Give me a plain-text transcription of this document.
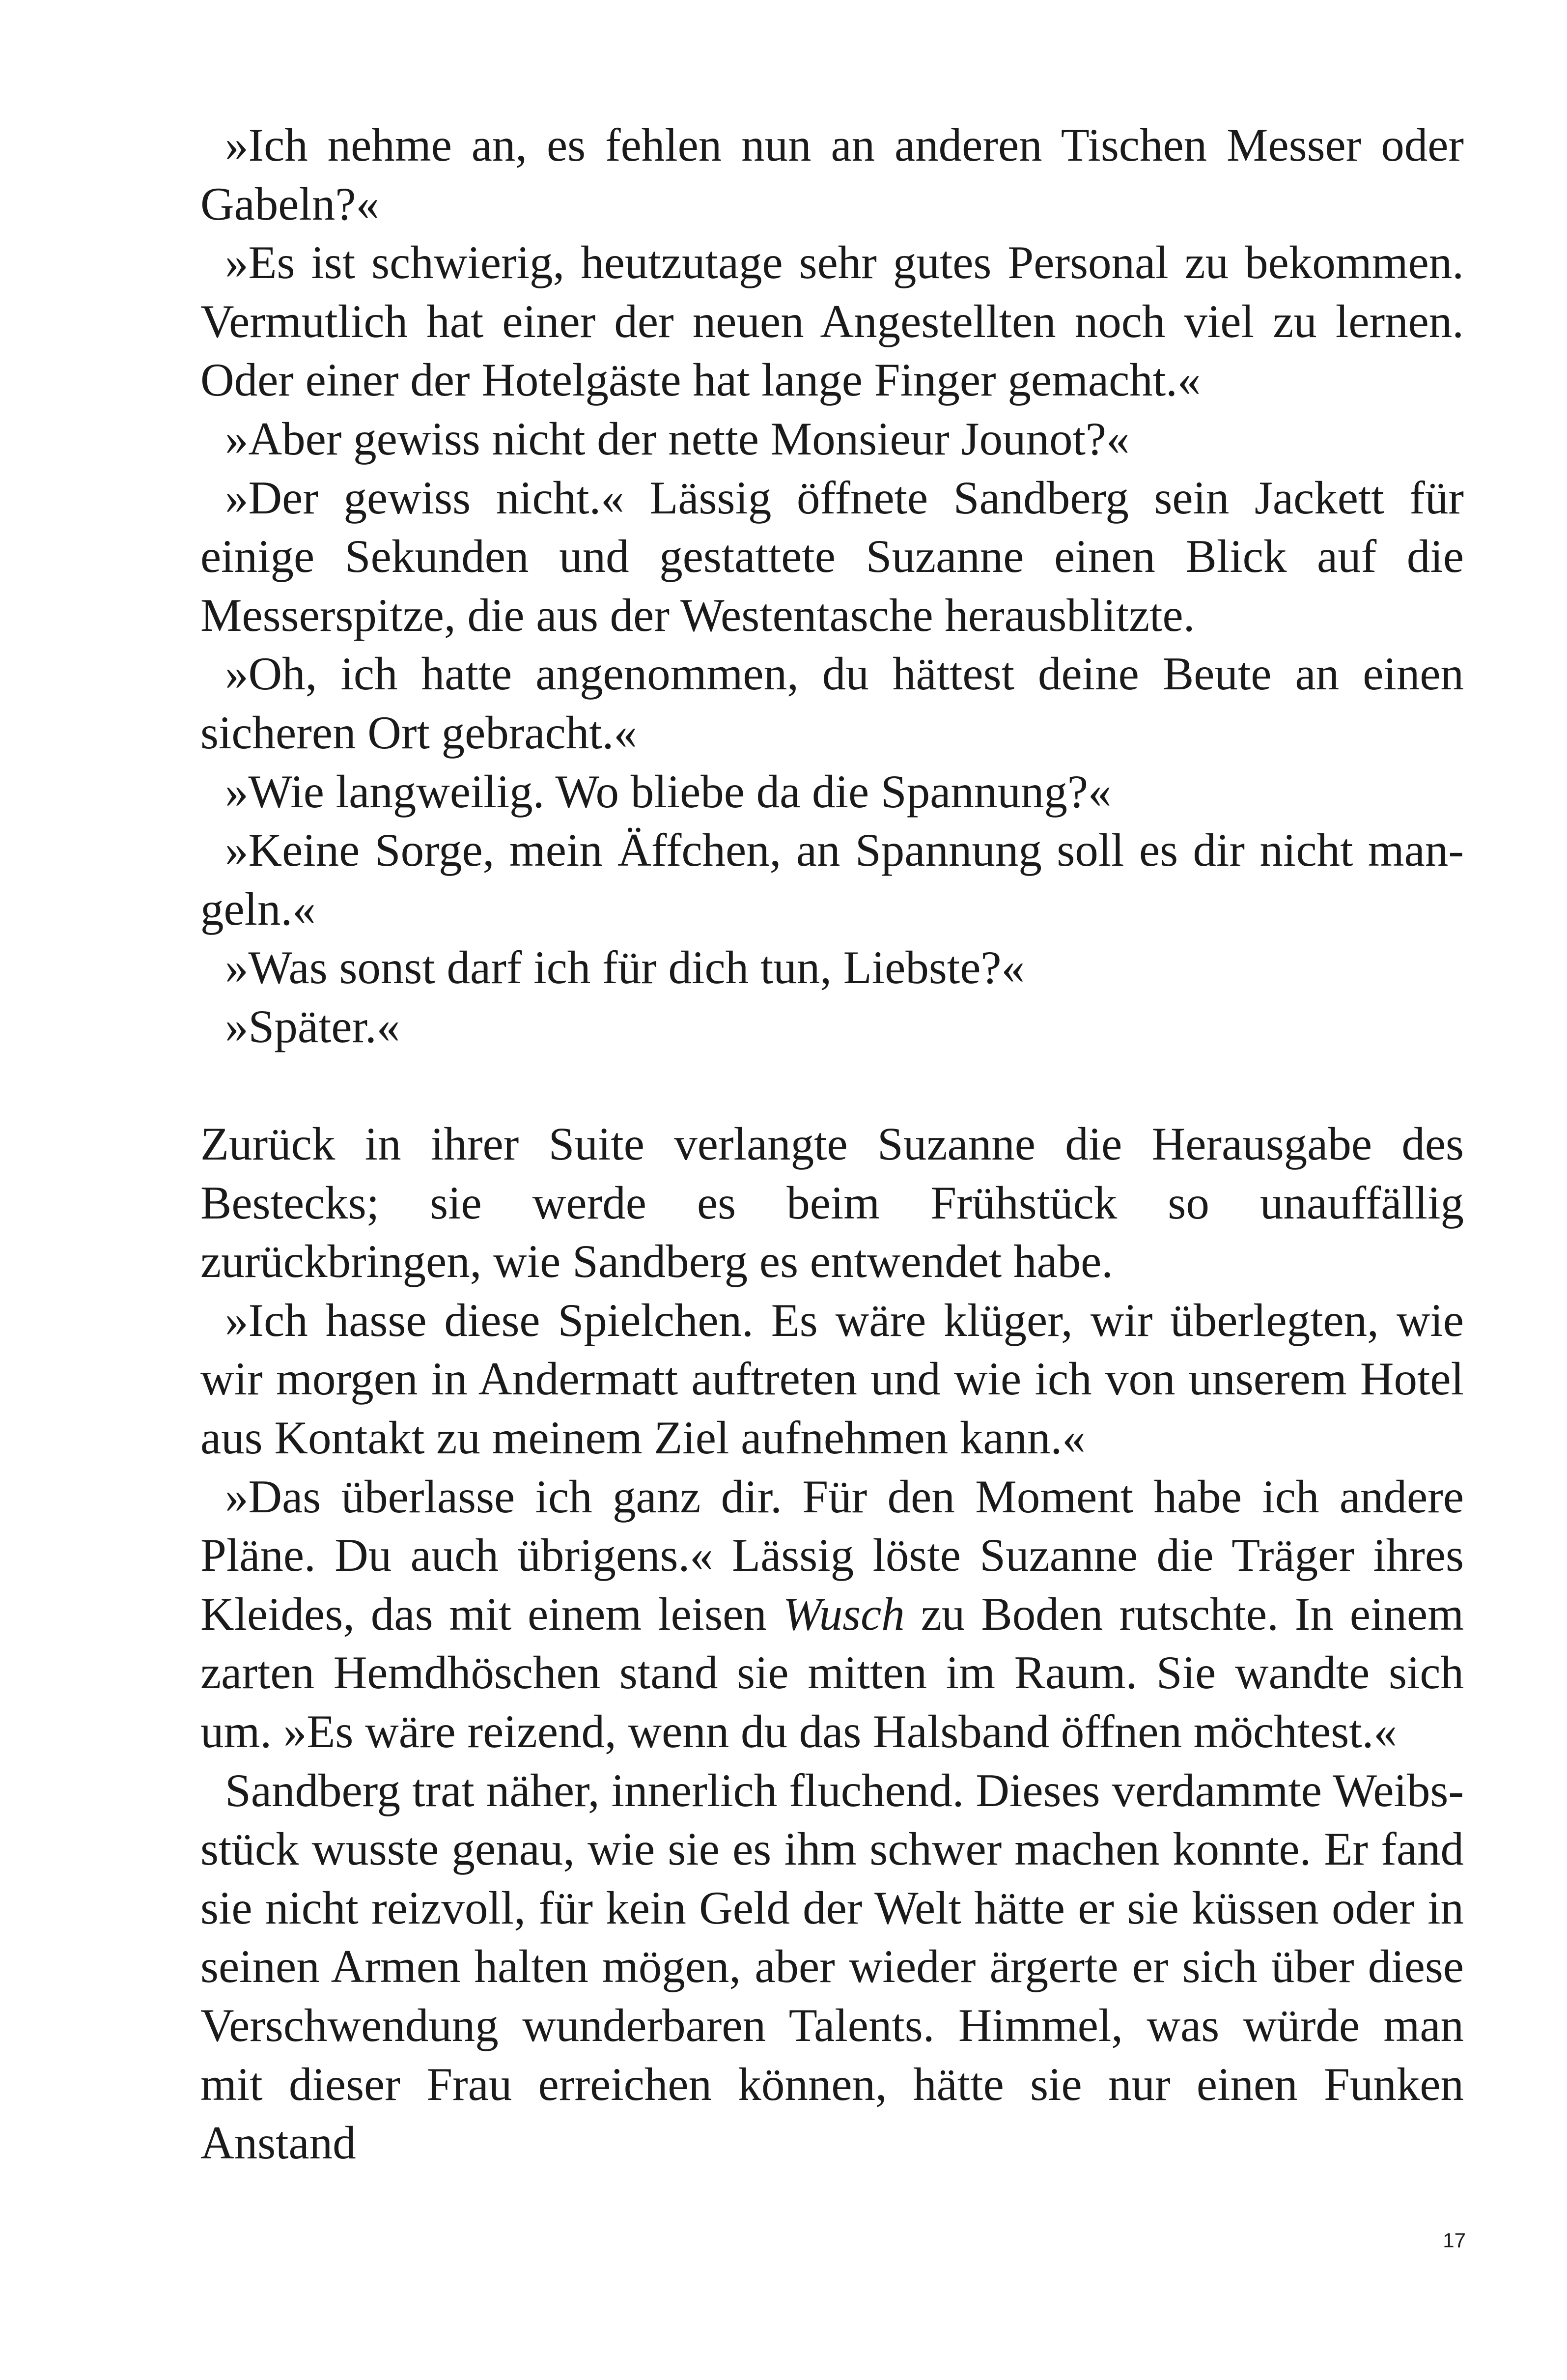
»Ich nehme an, es fehlen nun an anderen Tischen Messer oder Gabeln?«

»Es ist schwierig, heutzutage sehr gutes Personal zu bekommen. Vermutlich hat einer der neuen Angestellten noch viel zu lernen. Oder einer der Hotelgäste hat lange Finger gemacht.«

»Aber gewiss nicht der nette Monsieur Jounot?«

»Der gewiss nicht.« Lässig öffnete Sandberg sein Jackett für einige Sekunden und gestattete Suzanne einen Blick auf die Messerspitze, die aus der Westentasche herausblitzte.

»Oh, ich hatte angenommen, du hättest deine Beute an einen sicheren Ort gebracht.«

»Wie langweilig. Wo bliebe da die Spannung?«

»Keine Sorge, mein Äffchen, an Spannung soll es dir nicht mangeln.«

»Was sonst darf ich für dich tun, Liebste?«

»Später.«

Zurück in ihrer Suite verlangte Suzanne die Herausgabe des Bestecks; sie werde es beim Frühstück so unauffällig zurückbringen, wie Sandberg es entwendet habe.

»Ich hasse diese Spielchen. Es wäre klüger, wir überlegten, wie wir morgen in Andermatt auftreten und wie ich von unserem Hotel aus Kontakt zu meinem Ziel aufnehmen kann.«

»Das überlasse ich ganz dir. Für den Moment habe ich andere Pläne. Du auch übrigens.« Lässig löste Suzanne die Träger ihres Kleides, das mit einem leisen Wusch zu Boden rutschte. In einem zarten Hemdhöschen stand sie mitten im Raum. Sie wandte sich um. »Es wäre reizend, wenn du das Halsband öffnen möchtest.«

Sandberg trat näher, innerlich fluchend. Dieses verdammte Weibsstück wusste genau, wie sie es ihm schwer machen konnte. Er fand sie nicht reizvoll, für kein Geld der Welt hätte er sie küssen oder in seinen Armen halten mögen, aber wieder ärgerte er sich über diese Verschwendung wunderbaren Talents. Himmel, was würde man mit dieser Frau erreichen können, hätte sie nur einen Funken Anstand

17
